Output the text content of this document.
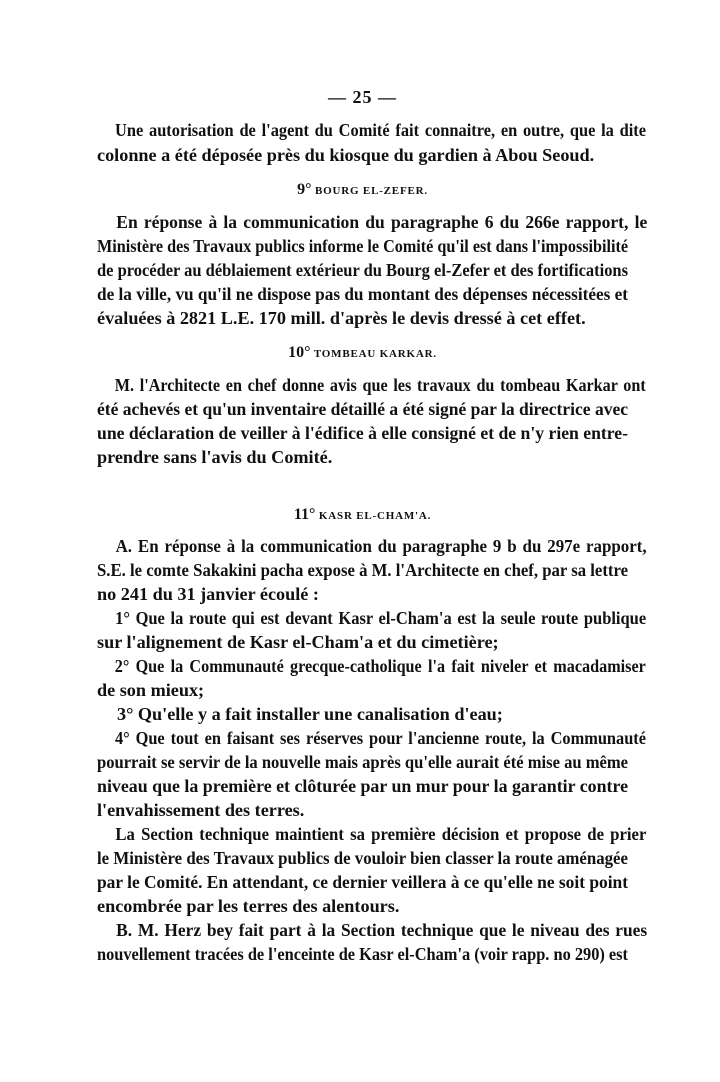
— 25 —
Une autorisation de l'agent du Comité fait connaitre, en outre, que la dite
colonne a été déposée près du kiosque du gardien à Abou Seoud.
9° BOURG EL-ZEFER.
En réponse à la communication du paragraphe 6 du 266e rapport, le
Ministère des Travaux publics informe le Comité qu'il est dans l'impossibilité
de procéder au déblaiement extérieur du Bourg el-Zefer et des fortifications
de la ville, vu qu'il ne dispose pas du montant des dépenses nécessitées et
évaluées à 2821 L.E. 170 mill. d'après le devis dressé à cet effet.
10° TOMBEAU KARKAR.
M. l'Architecte en chef donne avis que les travaux du tombeau Karkar ont
été achevés et qu'un inventaire détaillé a été signé par la directrice avec
une déclaration de veiller à l'édifice à elle consigné et de n'y rien entre-
prendre sans l'avis du Comité.
11° KASR EL-CHAM'A.
A. En réponse à la communication du paragraphe 9 b du 297e rapport,
S.E. le comte Sakakini pacha expose à M. l'Architecte en chef, par sa lettre
no 241 du 31 janvier écoulé :
1° Que la route qui est devant Kasr el-Cham'a est la seule route publique
sur l'alignement de Kasr el-Cham'a et du cimetière;
2° Que la Communauté grecque-catholique l'a fait niveler et macadamiser
de son mieux;
3° Qu'elle y a fait installer une canalisation d'eau;
4° Que tout en faisant ses réserves pour l'ancienne route, la Communauté
pourrait se servir de la nouvelle mais après qu'elle aurait été mise au même
niveau que la première et clôturée par un mur pour la garantir contre
l'envahissement des terres.
La Section technique maintient sa première décision et propose de prier
le Ministère des Travaux publics de vouloir bien classer la route aménagée
par le Comité. En attendant, ce dernier veillera à ce qu'elle ne soit point
encombrée par les terres des alentours.
B. M. Herz bey fait part à la Section technique que le niveau des rues
nouvellement tracées de l'enceinte de Kasr el-Cham'a (voir rapp. no 290) est
